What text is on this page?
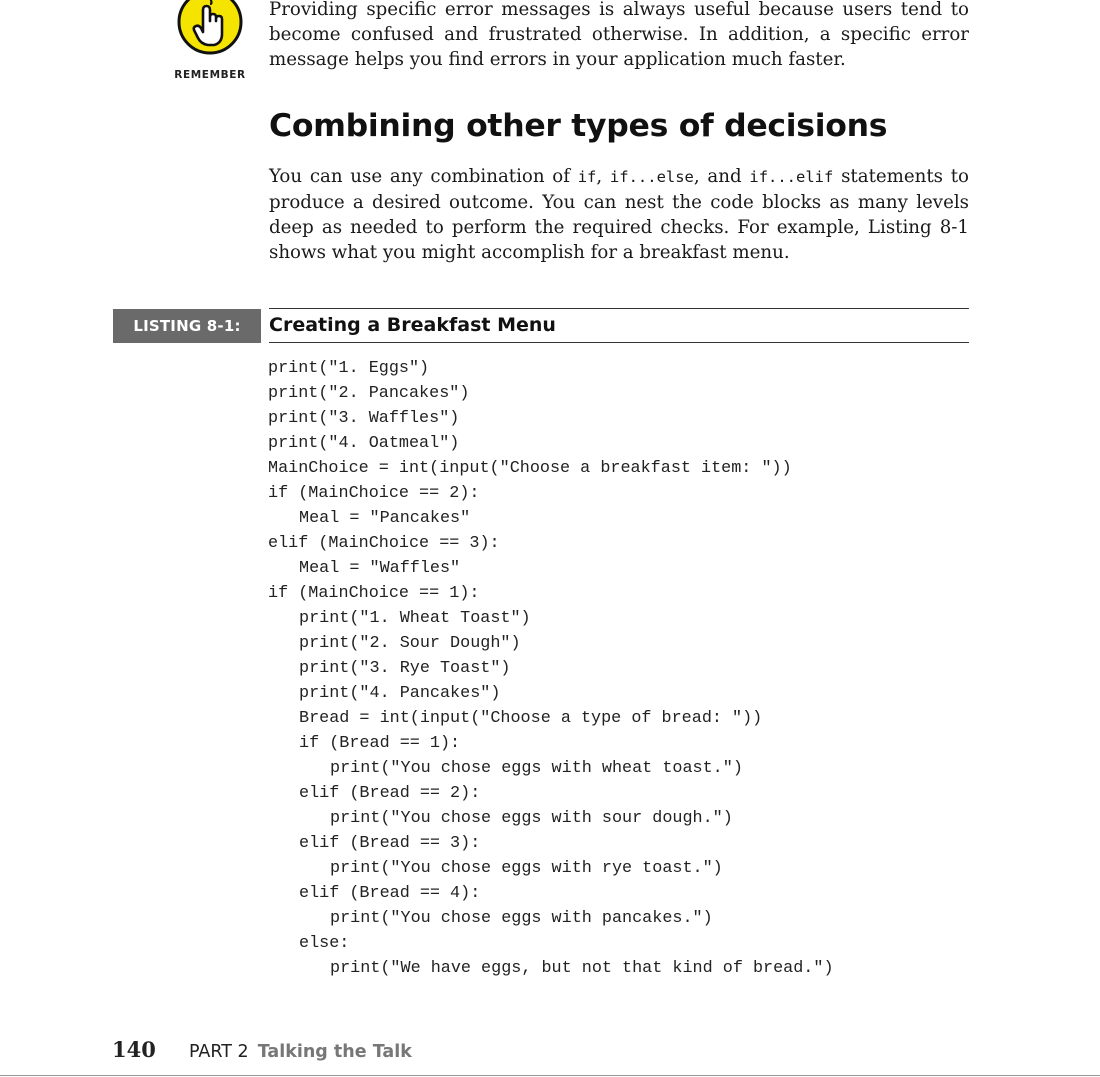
REMEMBER

Providing specific error messages is always useful because users tend to become confused and frustrated otherwise. In addition, a specific error message helps you find errors in your application much faster.

Combining other types of decisions

You can use any combination of if, if...else, and if...elif statements to produce a desired outcome. You can nest the code blocks as many levels deep as needed to perform the required checks. For example, Listing 8-1 shows what you might accomplish for a breakfast menu.

LISTING 8-1:	Creating a Breakfast Menu
print("1. Eggs")
print("2. Pancakes")
print("3. Waffles")
print("4. Oatmeal")
MainChoice = int(input("Choose a breakfast item: "))
if (MainChoice == 2):
Meal = "Pancakes"
elif (MainChoice == 3):
Meal = "Waffles"
if (MainChoice == 1):
print("1. Wheat Toast")
print("2. Sour Dough")
print("3. Rye Toast")
print("4. Pancakes")
Bread = int(input("Choose a type of bread: "))
if (Bread == 1):
print("You chose eggs with wheat toast.")
elif (Bread == 2):
print("You chose eggs with sour dough.")
elif (Bread == 3):
print("You chose eggs with rye toast.")
elif (Bread == 4):
print("You chose eggs with pancakes.")
else:
print("We have eggs, but not that kind of bread.")
140 PART 2 Talking the Talk
